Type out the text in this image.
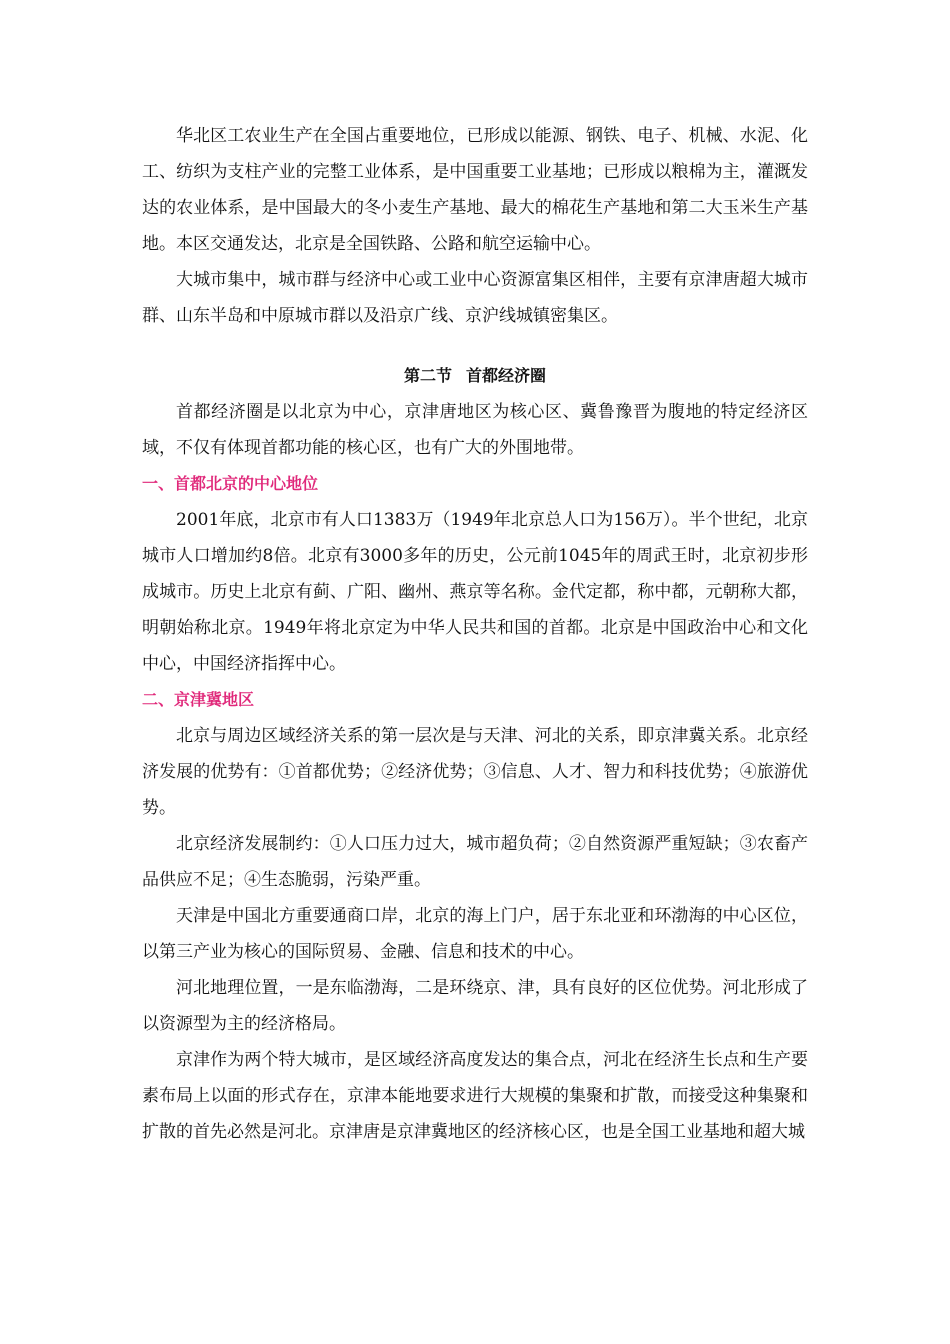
华北区工农业生产在全国占重要地位，已形成以能源、钢铁、电子、机械、水泥、化工、纺织为支柱产业的完整工业体系，是中国重要工业基地；已形成以粮棉为主，灌溉发达的农业体系，是中国最大的冬小麦生产基地、最大的棉花生产基地和第二大玉米生产基地。本区交通发达，北京是全国铁路、公路和航空运输中心。

大城市集中，城市群与经济中心或工业中心资源富集区相伴，主要有京津唐超大城市群、山东半岛和中原城市群以及沿京广线、京沪线城镇密集区。

第二节 首都经济圈

首都经济圈是以北京为中心，京津唐地区为核心区、冀鲁豫晋为腹地的特定经济区域，不仅有体现首都功能的核心区，也有广大的外围地带。

一、首都北京的中心地位

2001年底，北京市有人口1383万（1949年北京总人口为156万）。半个世纪，北京城市人口增加约8倍。北京有3000多年的历史，公元前1045年的周武王时，北京初步形成城市。历史上北京有蓟、广阳、幽州、燕京等名称。金代定都，称中都，元朝称大都，明朝始称北京。1949年将北京定为中华人民共和国的首都。北京是中国政治中心和文化中心，中国经济指挥中心。

二、京津冀地区

北京与周边区域经济关系的第一层次是与天津、河北的关系，即京津冀关系。北京经济发展的优势有：①首都优势；②经济优势；③信息、人才、智力和科技优势；④旅游优势。

北京经济发展制约：①人口压力过大，城市超负荷；②自然资源严重短缺；③农畜产品供应不足；④生态脆弱，污染严重。

天津是中国北方重要通商口岸，北京的海上门户，居于东北亚和环渤海的中心区位，以第三产业为核心的国际贸易、金融、信息和技术的中心。

河北地理位置，一是东临渤海，二是环绕京、津，具有良好的区位优势。河北形成了以资源型为主的经济格局。

京津作为两个特大城市，是区域经济高度发达的集合点，河北在经济生长点和生产要素布局上以面的形式存在，京津本能地要求进行大规模的集聚和扩散，而接受这种集聚和扩散的首先必然是河北。京津唐是京津冀地区的经济核心区，也是全国工业基地和超大城
